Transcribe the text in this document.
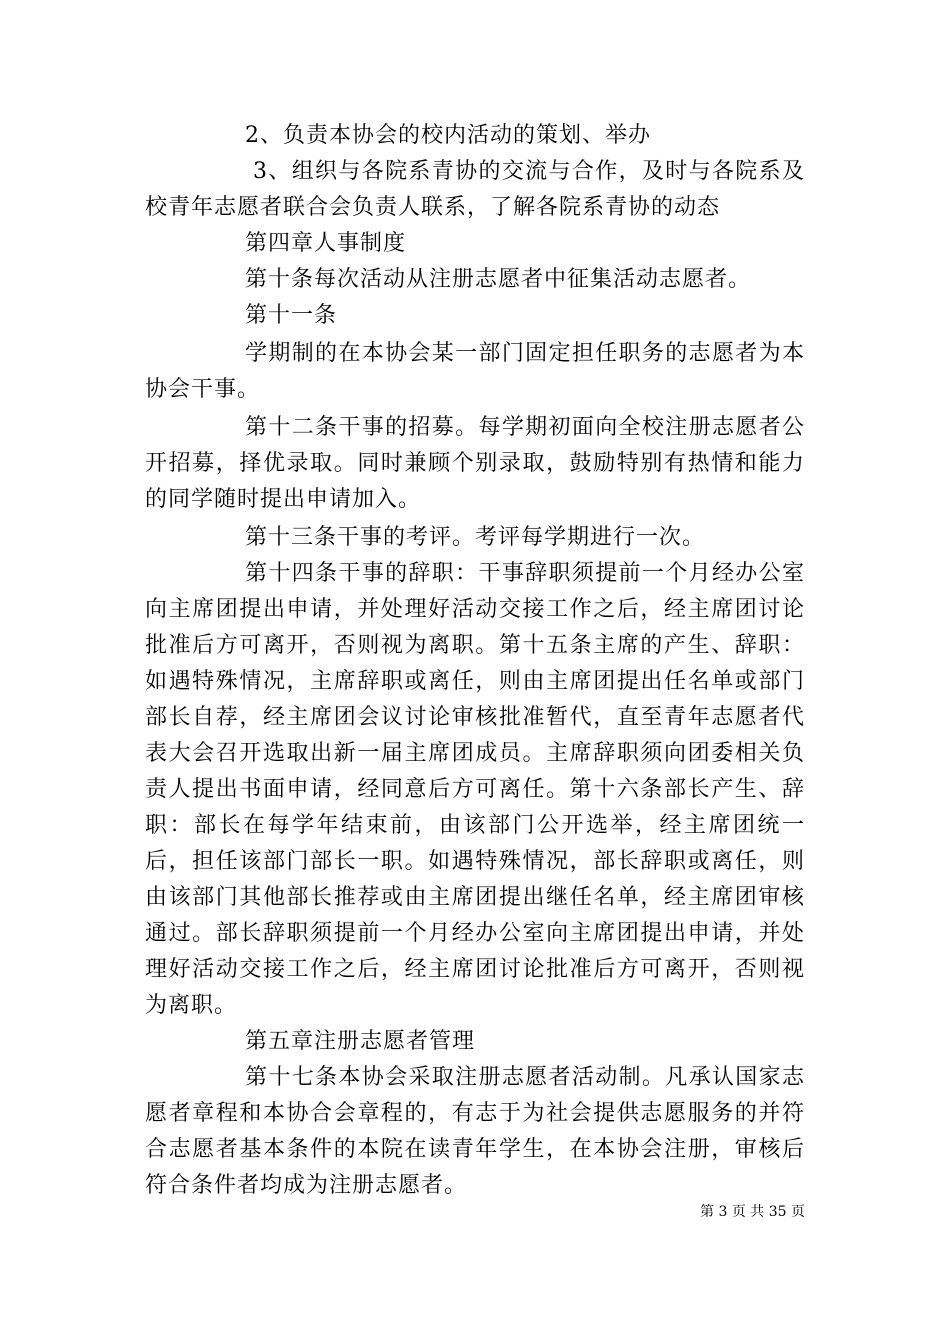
2、负责本协会的校内活动的策划、举办

3、组织与各院系青协的交流与合作，及时与各院系及校青年志愿者联合会负责人联系，了解各院系青协的动态

第四章人事制度

第十条每次活动从注册志愿者中征集活动志愿者。

第十一条

学期制的在本协会某一部门固定担任职务的志愿者为本协会干事。

第十二条干事的招募。每学期初面向全校注册志愿者公开招募，择优录取。同时兼顾个别录取，鼓励特别有热情和能力的同学随时提出申请加入。

第十三条干事的考评。考评每学期进行一次。

第十四条干事的辞职：干事辞职须提前一个月经办公室向主席团提出申请，并处理好活动交接工作之后，经主席团讨论批准后方可离开，否则视为离职。第十五条主席的产生、辞职：如遇特殊情况，主席辞职或离任，则由主席团提出任名单或部门部长自荐，经主席团会议讨论审核批准暂代，直至青年志愿者代表大会召开选取出新一届主席团成员。主席辞职须向团委相关负责人提出书面申请，经同意后方可离任。第十六条部长产生、辞职：部长在每学年结束前，由该部门公开选举，经主席团统一后，担任该部门部长一职。如遇特殊情况，部长辞职或离任，则由该部门其他部长推荐或由主席团提出继任名单，经主席团审核通过。部长辞职须提前一个月经办公室向主席团提出申请，并处理好活动交接工作之后，经主席团讨论批准后方可离开，否则视为离职。

第五章注册志愿者管理

第十七条本协会采取注册志愿者活动制。凡承认国家志愿者章程和本协合会章程的，有志于为社会提供志愿服务的并符合志愿者基本条件的本院在读青年学生，在本协会注册，审核后符合条件者均成为注册志愿者。

第 3 页 共 35 页
